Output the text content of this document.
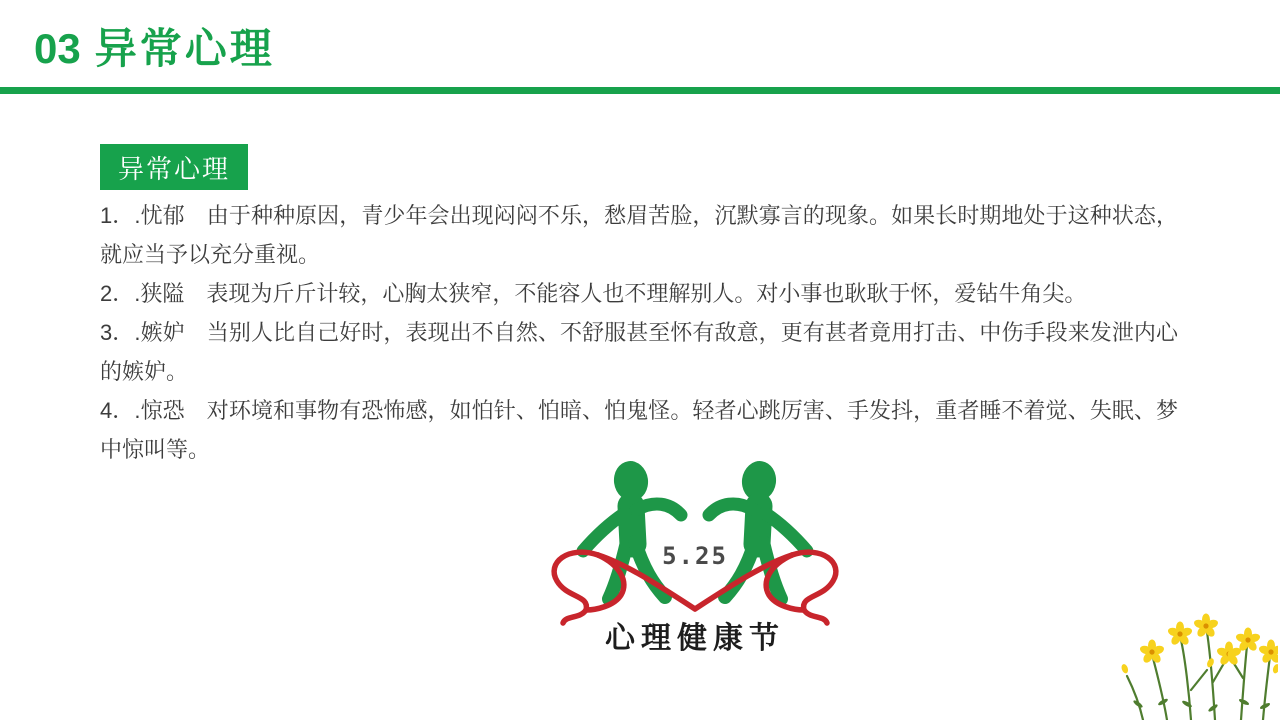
03 异常心理
异常心理

1．.忧郁　由于种种原因，青少年会出现闷闷不乐，愁眉苦脸，沉默寡言的现象。如果长时期地处于这种状态，就应当予以充分重视。

2．.狭隘　表现为斤斤计较，心胸太狭窄，不能容人也不理解别人。对小事也耿耿于怀，爱钻牛角尖。

3．.嫉妒　当别人比自己好时，表现出不自然、不舒服甚至怀有敌意，更有甚者竟用打击、中伤手段来发泄内心的嫉妒。

4．.惊恐　对环境和事物有恐怖感，如怕针、怕暗、怕鬼怪。轻者心跳厉害、手发抖，重者睡不着觉、失眠、梦中惊叫等。

5.25
心理健康节
